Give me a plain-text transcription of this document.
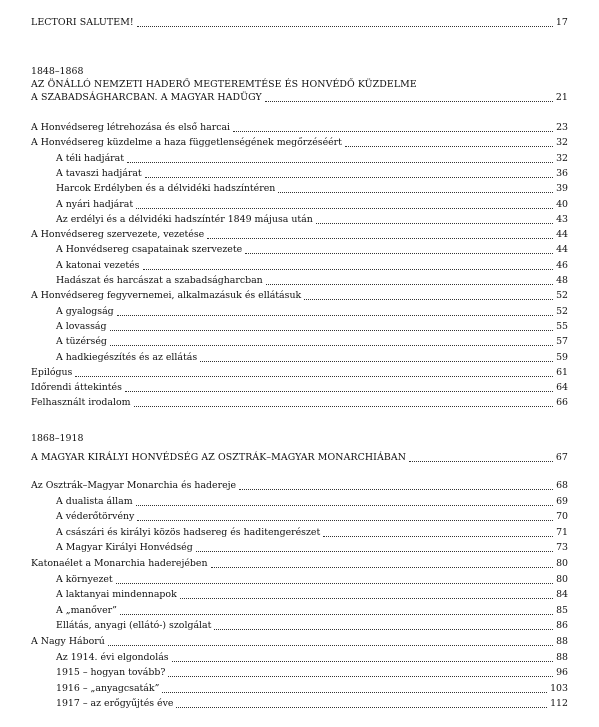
LECTORI SALUTEM!	17
1848–1868
AZ ÖNÁLLÓ NEMZETI HADERŐ MEGTEREMTÉSE ÉS HONVÉDŐ KÜZDELME
A SZABADSÁGHARCBAN. A MAGYAR HADÜGY	21
A Honvédsereg létrehozása és első harcai	23
A Honvédsereg küzdelme a haza függetlenségének megőrzéséért	32
A téli hadjárat	32
A tavaszi hadjárat	36
Harcok Erdélyben és a délvidéki hadszíntéren	39
A nyári hadjárat	40
Az erdélyi és a délvidéki hadszíntér 1849 májusa után	43
A Honvédsereg szervezete, vezetése	44
A Honvédsereg csapatainak szervezete	44
A katonai vezetés	46
Hadászat és harcászat a szabadságharcban	48
A Honvédsereg fegyvernemei, alkalmazásuk és ellátásuk	52
A gyalogság	52
A lovasság	55
A tüzérség	57
A hadkiegészítés és az ellátás	59
Epilógus	61
Időrendi áttekintés	64
Felhasznált irodalom	66
1868–1918
A MAGYAR KIRÁLYI HONVÉDSÉG AZ OSZTRÁK–MAGYAR MONARCHIÁBAN	67
Az Osztrák–Magyar Monarchia és hadereje	68
A dualista állam	69
A véderőtörvény	70
A császári és királyi közös hadsereg és haditengerészet	71
A Magyar Királyi Honvédség	73
Katonaélet a Monarchia haderejében	80
A környezet	80
A laktanyai mindennapok	84
A „manőver”	85
Ellátás, anyagi (ellátó-) szolgálat	86
A Nagy Háború	88
Az 1914. évi elgondolás	88
1915 – hogyan tovább?	96
1916 – „anyagcsaták”	103
1917 – az erőgyűjtés éve	112
